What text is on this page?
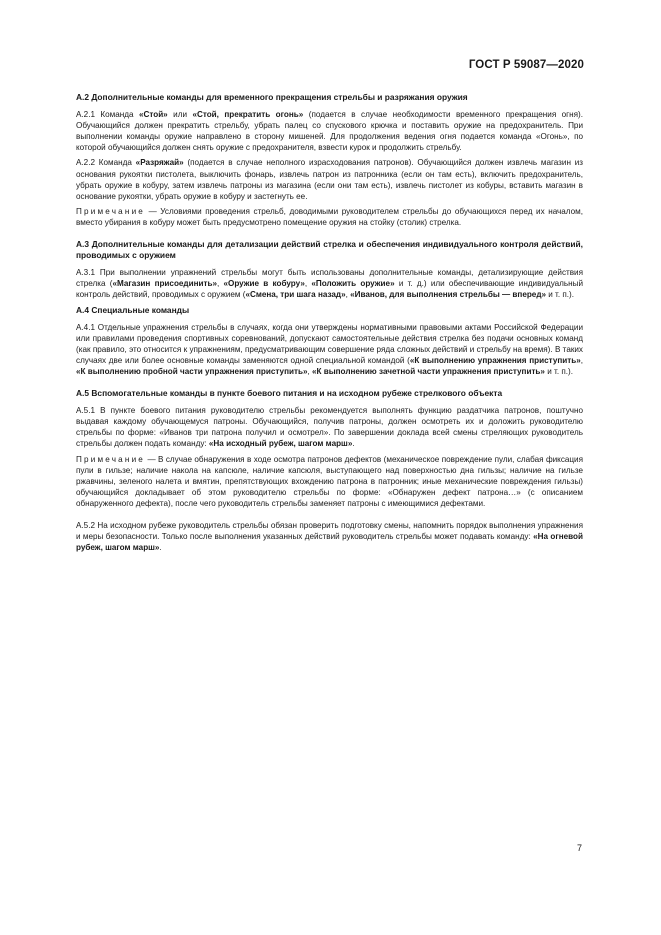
ГОСТ Р 59087—2020
А.2 Дополнительные команды для временного прекращения стрельбы и разряжания оружия

А.2.1 Команда «Стой» или «Стой, прекратить огонь» (подается в случае необходимости временного прекращения огня). Обучающийся должен прекратить стрельбу, убрать палец со спускового крючка и поставить оружие на предохранитель. При выполнении команды оружие направлено в сторону мишеней. Для продолжения ведения огня подается команда «Огонь», по которой обучающийся должен снять оружие с предохранителя, взвести курок и продолжить стрельбу.

А.2.2 Команда «Разряжай» (подается в случае неполного израсходования патронов). Обучающийся должен извлечь магазин из основания рукоятки пистолета, выключить фонарь, извлечь патрон из патронника (если он там есть), включить предохранитель, убрать оружие в кобуру, затем извлечь патроны из магазина (если они там есть), извлечь пистолет из кобуры, вставить магазин в основание рукоятки, убрать оружие в кобуру и застегнуть ее.

Примечание — Условиями проведения стрельб, доводимыми руководителем стрельбы до обучающихся перед их началом, вместо убирания в кобуру может быть предусмотрено помещение оружия на стойку (столик) стрелка.

А.3 Дополнительные команды для детализации действий стрелка и обеспечения индивидуального контроля действий, проводимых с оружием

А.3.1 При выполнении упражнений стрельбы могут быть использованы дополнительные команды, детализирующие действия стрелка («Магазин присоединить», «Оружие в кобуру», «Положить оружие» и т. д.) или обеспечивающие индивидуальный контроль действий, проводимых с оружием («Смена, три шага назад», «Иванов, для выполнения стрельбы — вперед» и т. п.).

А.4 Специальные команды

А.4.1 Отдельные упражнения стрельбы в случаях, когда они утверждены нормативными правовыми актами Российской Федерации или правилами проведения спортивных соревнований, допускают самостоятельные действия стрелка без подачи основных команд (как правило, это относится к упражнениям, предусматривающим совершение ряда сложных действий и стрельбу на время). В таких случаях две или более основные команды заменяются одной специальной командой («К выполнению упражнения приступить», «К выполнению пробной части упражнения приступить», «К выполнению зачетной части упражнения приступить» и т. п.).

А.5 Вспомогательные команды в пункте боевого питания и на исходном рубеже стрелкового объекта

А.5.1 В пункте боевого питания руководителю стрельбы рекомендуется выполнять функцию раздатчика патронов, поштучно выдавая каждому обучающемуся патроны. Обучающийся, получив патроны, должен осмотреть их и доложить руководителю стрельбы по форме: «Иванов три патрона получил и осмотрел». По завершении доклада всей смены стреляющих руководитель стрельбы должен подать команду: «На исходный рубеж, шагом марш».

Примечание — В случае обнаружения в ходе осмотра патронов дефектов (механическое повреждение пули, слабая фиксация пули в гильзе; наличие накола на капсюле, наличие капсюля, выступающего над поверхностью дна гильзы; наличие на гильзе ржавчины, зеленого налета и вмятин, препятствующих вхождению патрона в патронник; иные механические повреждения гильзы) обучающийся докладывает об этом руководителю стрельбы по форме: «Обнаружен дефект патрона…» (с описанием обнаруженного дефекта), после чего руководитель стрельбы заменяет патроны с имеющимися дефектами.

А.5.2 На исходном рубеже руководитель стрельбы обязан проверить подготовку смены, напомнить порядок выполнения упражнения и меры безопасности. Только после выполнения указанных действий руководитель стрельбы может подавать команду: «На огневой рубеж, шагом марш».

7
